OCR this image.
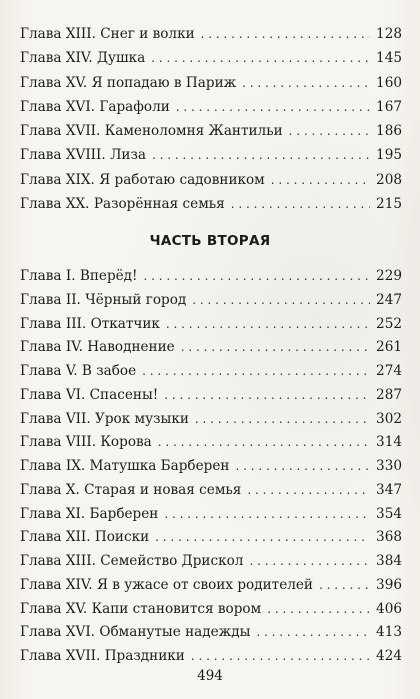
Глава XIII. Снег и волки . . .	128
Глава XIV. Душка . . .	145
Глава XV. Я попадаю в Париж . . .	160
Глава XVI. Гарафоли . . .	167
Глава XVII. Каменоломня Жантильи . . .	186
Глава XVIII. Лиза . . .	195
Глава XIX. Я работаю садовником . . .	208
Глава XX. Разорённая семья . . .	215
ЧАСТЬ ВТОРАЯ
Глава I. Вперёд! . . .	229
Глава II. Чёрный город . . .	247
Глава III. Откатчик . . .	252
Глава IV. Наводнение . . .	261
Глава V. В забое . . .	274
Глава VI. Спасены! . . .	287
Глава VII. Урок музыки . . .	302
Глава VIII. Корова . . .	314
Глава IX. Матушка Барберен . . .	330
Глава X. Старая и новая семья . . .	347
Глава XI. Барберен . . .	354
Глава XII. Поиски . . .	368
Глава XIII. Семейство Дрискол . . .	384
Глава XIV. Я в ужасе от своих родителей . . .	396
Глава XV. Капи становится вором . . .	406
Глава XVI. Обманутые надежды . . .	413
Глава XVII. Праздники . . .	424
494
